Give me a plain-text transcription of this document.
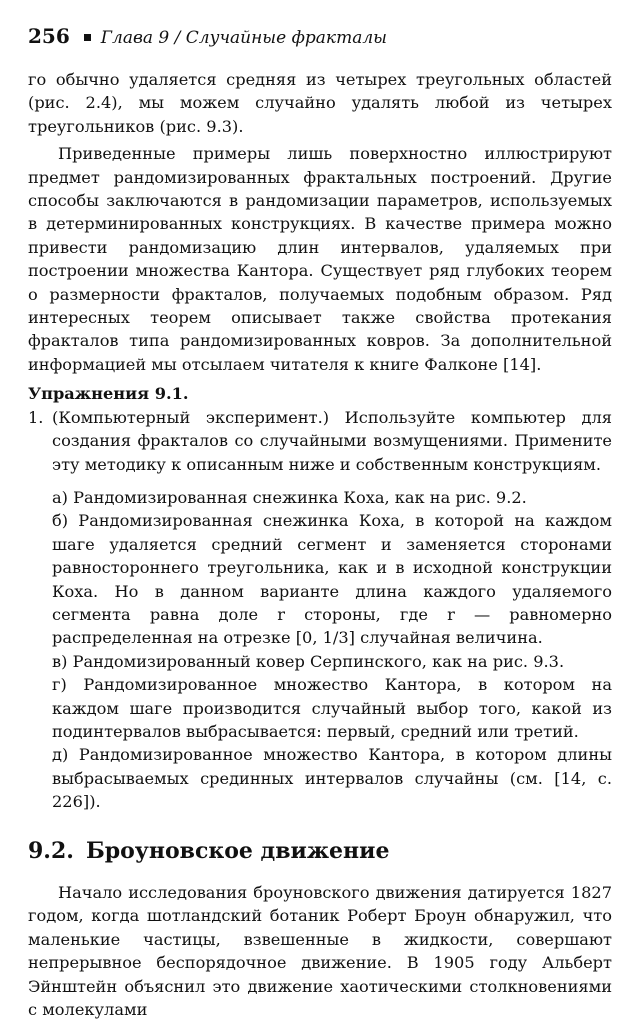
256 Глава 9 / Случайные фракталы

го обычно удаляется средняя из четырех треугольных областей (рис. 2.4), мы можем случайно удалять любой из четырех треугольников (рис. 9.3).

Приведенные примеры лишь поверхностно иллюстрируют предмет рандомизированных фрактальных построений. Другие способы заключаются в рандомизации параметров, используемых в детерминированных конструкциях. В качестве примера можно привести рандомизацию длин интервалов, удаляемых при построении множества Кантора. Существует ряд глубоких теорем о размерности фракталов, получаемых подобным образом. Ряд интересных теорем описывает также свойства протекания фракталов типа рандомизированных ковров. За дополнительной информацией мы отсылаем читателя к книге Фалконе [14].

Упражнения 9.1.
1. (Компьютерный эксперимент.) Используйте компьютер для создания фракталов со случайными возмущениями. Примените эту методику к описанным ниже и собственным конструкциям.

а) Рандомизированная снежинка Коха, как на рис. 9.2.

б) Рандомизированная снежинка Коха, в которой на каждом шаге удаляется средний сегмент и заменяется сторонами равностороннего треугольника, как и в исходной конструкции Коха. Но в данном варианте длина каждого удаляемого сегмента равна доле r стороны, где r — равномерно распределенная на отрезке [0, 1/3] случайная величина.

в) Рандомизированный ковер Серпинского, как на рис. 9.3.

г) Рандомизированное множество Кантора, в котором на каждом шаге производится случайный выбор того, какой из подинтервалов выбрасывается: первый, средний или третий.

д) Рандомизированное множество Кантора, в котором длины выбрасываемых срединных интервалов случайны (см. [14, с. 226]).

9.2. Броуновское движение

Начало исследования броуновского движения датируется 1827 годом, когда шотландский ботаник Роберт Броун обнаружил, что маленькие частицы, взвешенные в жидкости, совершают непрерывное беспорядочное движение. В 1905 году Альберт Эйнштейн объяснил это движение хаотическими столкновениями с молекулами
